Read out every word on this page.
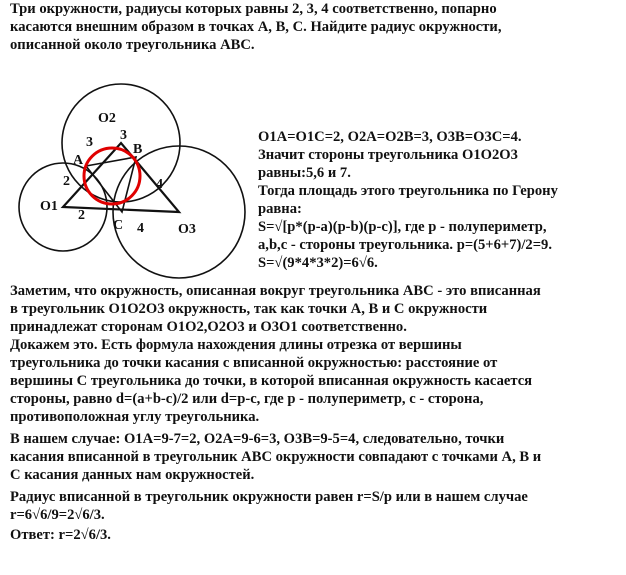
Три окружности, радиусы которых равны 2, 3, 4 соответственно, попарно
касаются внешним образом в точках A, B, C. Найдите радиус окружности,
описанной около треугольника ABC.
O2
O1
O3
A
B
C
3 3
2
2
4
4
O1A=O1C=2, O2A=O2B=3, O3B=O3C=4.
Значит стороны треугольника O1O2O3
равны:5,6 и 7.
Тогда площадь этого треугольника по Герону
равна:
S=√[p*(p-a)(p-b)(p-c)], где p - полупериметр,
a,b,c - стороны треугольника. p=(5+6+7)/2=9.
S=√(9*4*3*2)=6√6.
Заметим, что окружность, описанная вокруг треугольника ABC - это вписанная
в треугольник O1O2O3 окружность, так как точки A, B и C окружности
принадлежат сторонам O1O2,O2O3 и O3O1 соответственно.
Докажем это. Есть формула нахождения длины отрезка от вершины
треугольника до точки касания с вписанной окружностью: расстояние от
вершины C треугольника до точки, в которой вписанная окружность касается
стороны, равно d=(a+b-c)/2 или d=p-c, где p - полупериметр, c - сторона,
противоположная углу треугольника.
В нашем случае: O1A=9-7=2, O2A=9-6=3, O3B=9-5=4, следовательно, точки
касания вписанной в треугольник ABC окружности совпадают с точками A, B и
C касания данных нам окружностей.
Радиус вписанной в треугольник окружности равен r=S/p или в нашем случае
r=6√6/9=2√6/3.
Ответ: r=2√6/3.
